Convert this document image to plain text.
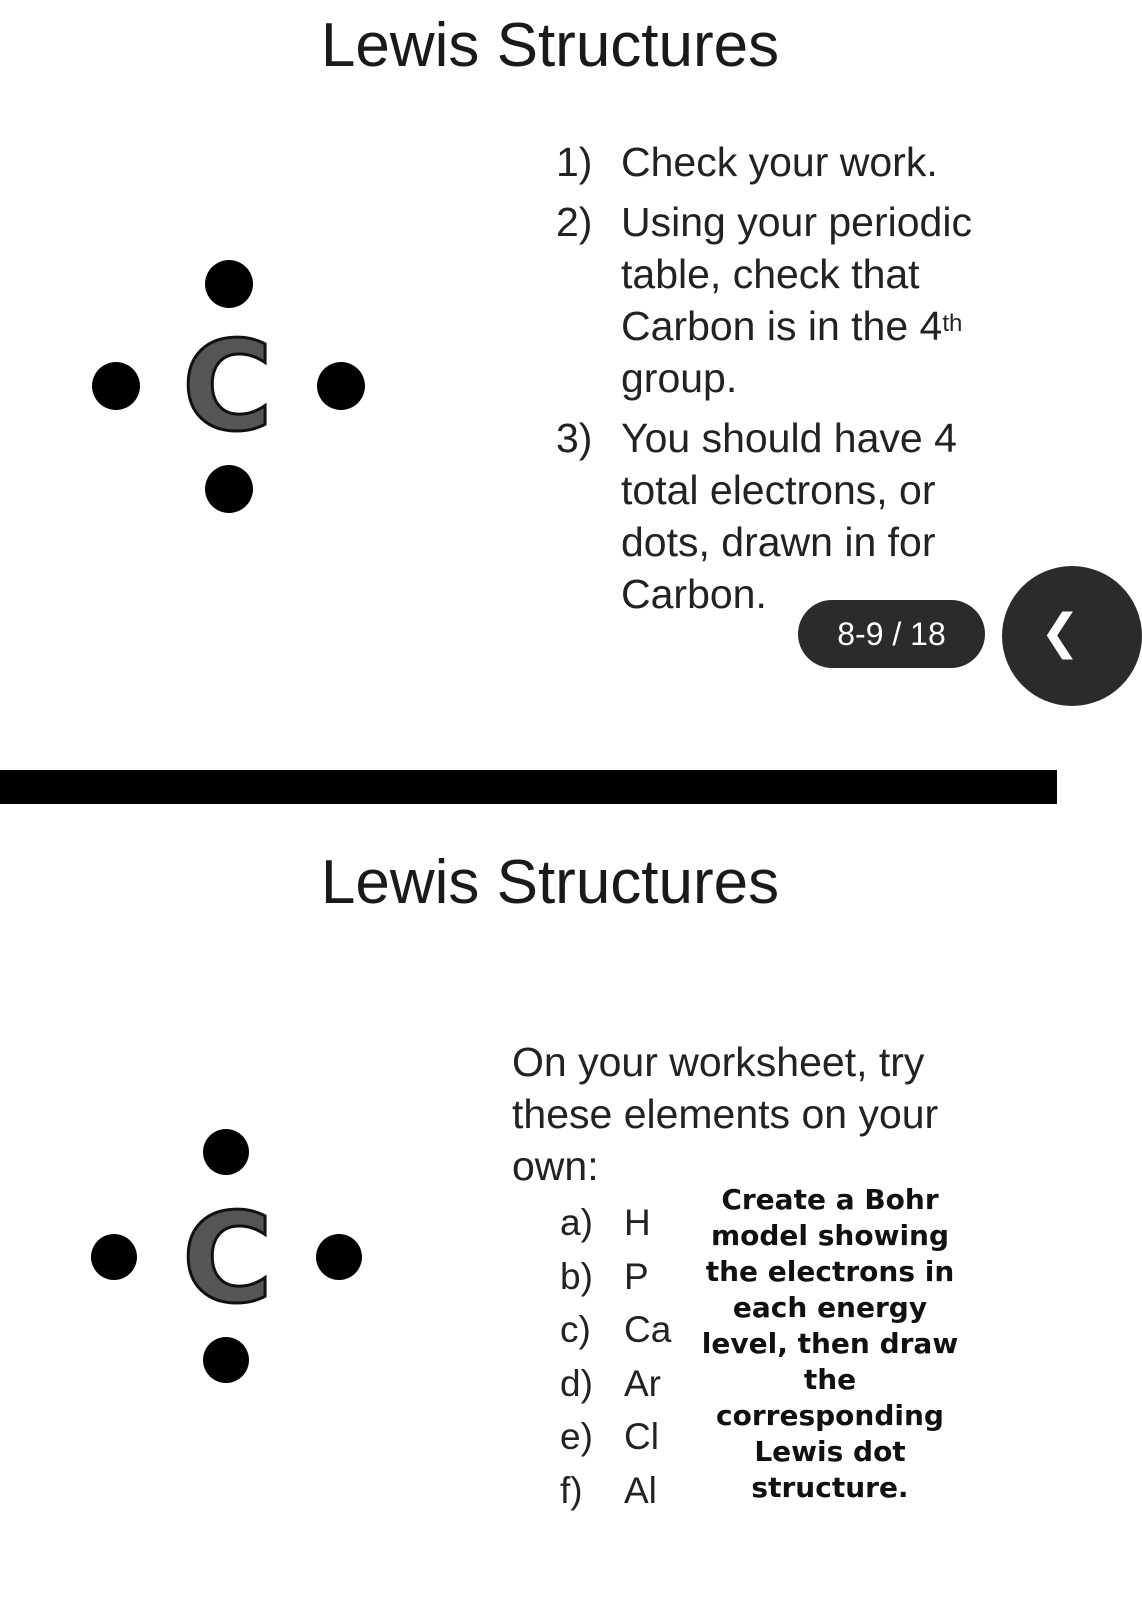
Lewis Structures
C
1) Check your work.
2) Using your periodic table, check that Carbon is in the 4th group.
3) You should have 4 total electrons, or dots, drawn in for Carbon.
8-9 / 18	❮
Lewis Structures
C
On your worksheet, try these elements on your own:
a) H
b) P
c) Ca
d) Ar
e) Cl
f) Al
Create a Bohr model showing the electrons in each energy level, then draw the corresponding Lewis dot structure.
